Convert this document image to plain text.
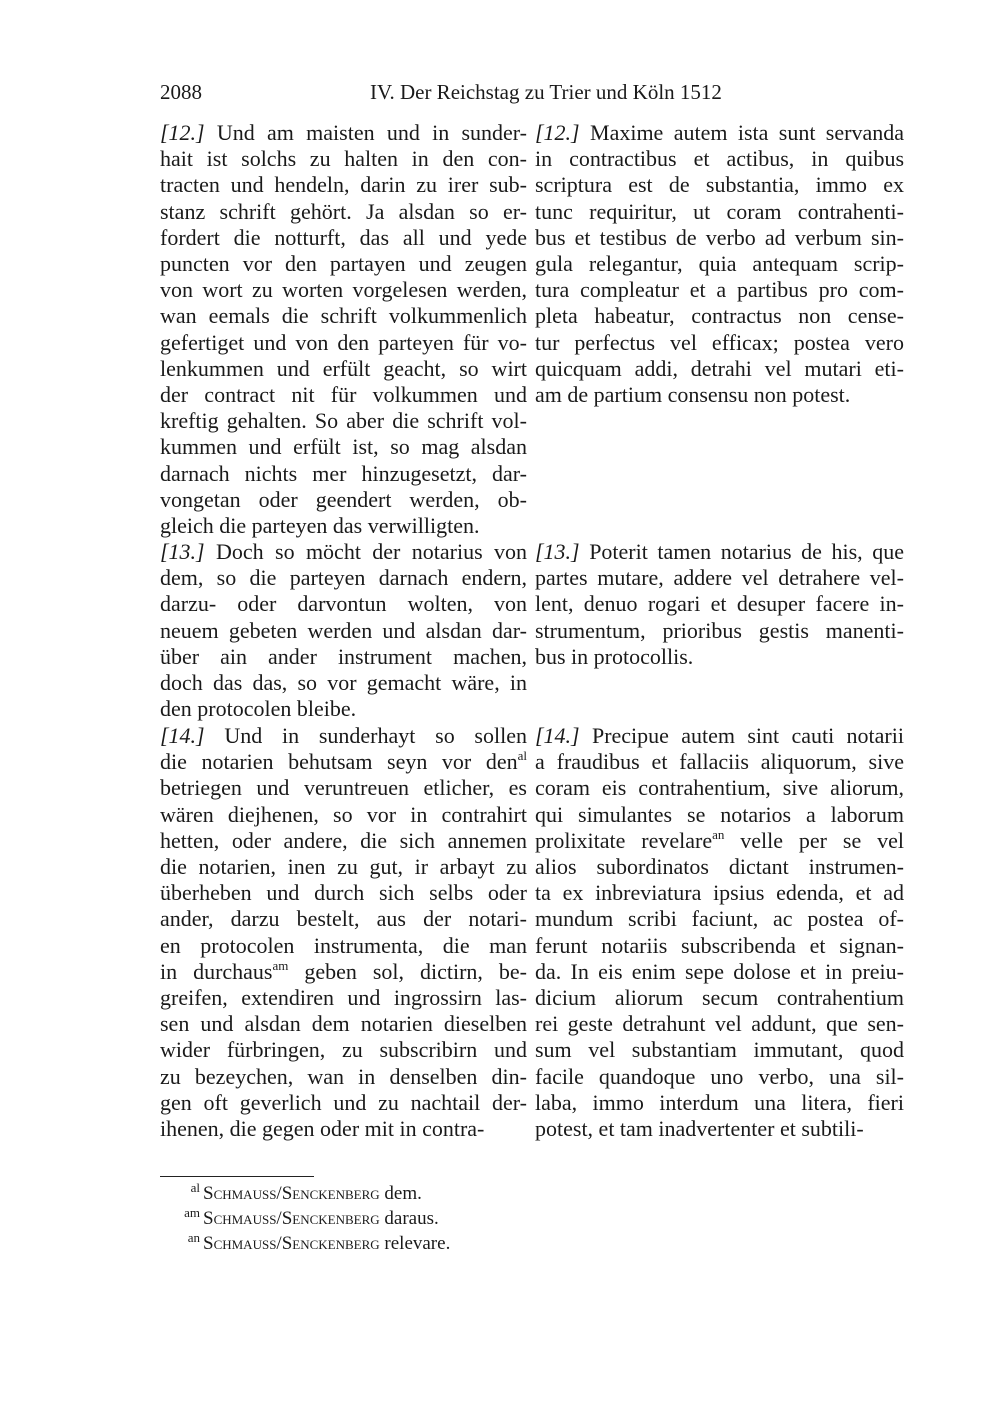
2088	IV. Der Reichstag zu Trier und Köln 1512
[12.] Und am maisten und in sunder-
hait ist solchs zu halten in den con-
tracten und hendeln, darin zu irer sub-
stanz schrift gehört. Ja alsdan so er-
fordert die notturft, das all und yede
puncten vor den partayen und zeugen
von wort zu worten vorgelesen werden,
wan eemals die schrift volkummenlich
gefertiget und von den parteyen für vo-
lenkummen und erfült geacht, so wirt
der contract nit für volkummen und
kreftig gehalten. So aber die schrift vol-
kummen und erfült ist, so mag alsdan
darnach nichts mer hinzugesetzt, dar-
vongetan oder geendert werden, ob-
gleich die parteyen das verwilligten.
[12.] Maxime autem ista sunt servanda
in contractibus et actibus, in quibus
scriptura est de substantia, immo ex
tunc requiritur, ut coram contrahenti-
bus et testibus de verbo ad verbum sin-
gula relegantur, quia antequam scrip-
tura compleatur et a partibus pro com-
pleta habeatur, contractus non cense-
tur perfectus vel efficax; postea vero
quicquam addi, detrahi vel mutari eti-
am de partium consensu non potest.
[13.] Doch so möcht der notarius von
dem, so die parteyen darnach endern,
darzu- oder darvontun wolten, von
neuem gebeten werden und alsdan dar-
über ain ander instrument machen,
doch das das, so vor gemacht wäre, in
den protocolen bleibe.
[13.] Poterit tamen notarius de his, que
partes mutare, addere vel detrahere vel-
lent, denuo rogari et desuper facere in-
strumentum, prioribus gestis manenti-
bus in protocollis.
[14.] Und in sunderhayt so sollen
die notarien behutsam seyn vor den$^{al}$
betriegen und veruntreuen etlicher, es
wären diejhenen, so vor in contrahirt
hetten, oder andere, die sich annemen
die notarien, inen zu gut, ir arbayt zu
überheben und durch sich selbs oder
ander, darzu bestelt, aus der notari-
en protocolen instrumenta, die man
in durchaus$^{am}$ geben sol, dictirn, be-
greifen, extendiren und ingrossirn las-
sen und alsdan dem notarien dieselben
wider fürbringen, zu subscribirn und
zu bezeychen, wan in denselben din-
gen oft geverlich und zu nachtail der-
ihenen, die gegen oder mit in contra-
[14.] Precipue autem sint cauti notarii
a fraudibus et fallaciis aliquorum, sive
coram eis contrahentium, sive aliorum,
qui simulantes se notarios a laborum
prolixitate revelare$^{an}$ velle per se vel
alios subordinatos dictant instrumen-
ta ex inbreviatura ipsius edenda, et ad
mundum scribi faciunt, ac postea of-
ferunt notariis subscribenda et signan-
da. In eis enim sepe dolose et in preiu-
dicium aliorum secum contrahentium
rei geste detrahunt vel addunt, que sen-
sum vel substantiam immutant, quod
facile quandoque uno verbo, una sil-
laba, immo interdum una litera, fieri
potest, et tam inadvertenter et subtili-
al Schmauss/Senckenberg dem.
am Schmauss/Senckenberg daraus.
an Schmauss/Senckenberg relevare.
